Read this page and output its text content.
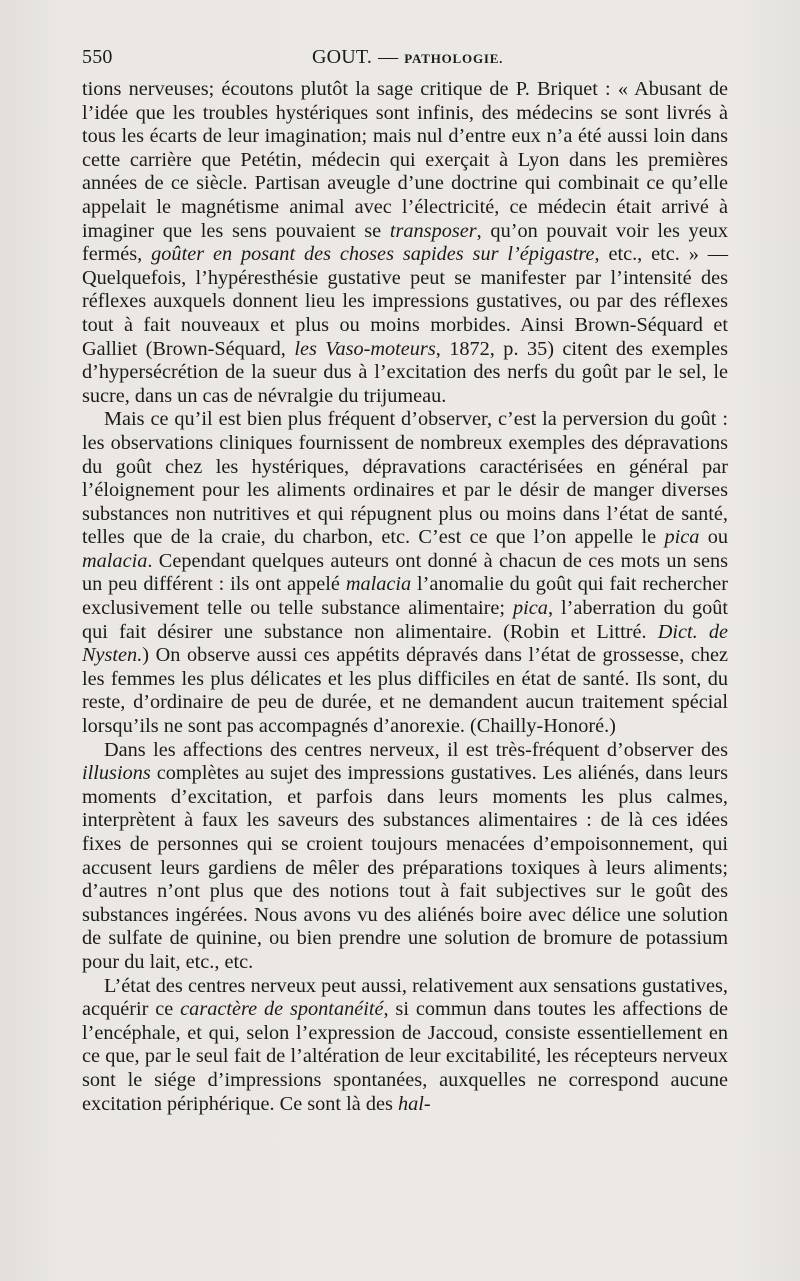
550	GOUT. — PATHOLOGIE.

tions nerveuses; écoutons plutôt la sage critique de P. Briquet : « Abusant de l’idée que les troubles hystériques sont infinis, des médecins se sont livrés à tous les écarts de leur imagination; mais nul d’entre eux n’a été aussi loin dans cette carrière que Petétin, médecin qui exerçait à Lyon dans les premières années de ce siècle. Partisan aveugle d’une doctrine qui combinait ce qu’elle appelait le magnétisme animal avec l’électricité, ce médecin était arrivé à imaginer que les sens pouvaient se transposer, qu’on pouvait voir les yeux fermés, goûter en posant des choses sapides sur l’épigastre, etc., etc. » — Quelquefois, l’hypéresthésie gustative peut se manifester par l’intensité des réflexes auxquels donnent lieu les impressions gustatives, ou par des réflexes tout à fait nouveaux et plus ou moins morbides. Ainsi Brown-Séquard et Galliet (Brown-Séquard, les Vaso-moteurs, 1872, p. 35) citent des exemples d’hypersécrétion de la sueur dus à l’excitation des nerfs du goût par le sel, le sucre, dans un cas de névralgie du trijumeau.

Mais ce qu’il est bien plus fréquent d’observer, c’est la perversion du goût : les observations cliniques fournissent de nombreux exemples des dépravations du goût chez les hystériques, dépravations caractérisées en général par l’éloignement pour les aliments ordinaires et par le désir de manger diverses substances non nutritives et qui répugnent plus ou moins dans l’état de santé, telles que de la craie, du charbon, etc. C’est ce que l’on appelle le pica ou malacia. Cependant quelques auteurs ont donné à chacun de ces mots un sens un peu différent : ils ont appelé malacia l’anomalie du goût qui fait rechercher exclusivement telle ou telle substance alimentaire; pica, l’aberration du goût qui fait désirer une substance non alimentaire. (Robin et Littré. Dict. de Nysten.) On observe aussi ces appétits dépravés dans l’état de grossesse, chez les femmes les plus délicates et les plus difficiles en état de santé. Ils sont, du reste, d’ordinaire de peu de durée, et ne demandent aucun traitement spécial lorsqu’ils ne sont pas accompagnés d’anorexie. (Chailly-Honoré.)

Dans les affections des centres nerveux, il est très-fréquent d’observer des illusions complètes au sujet des impressions gustatives. Les aliénés, dans leurs moments d’excitation, et parfois dans leurs moments les plus calmes, interprètent à faux les saveurs des substances alimentaires : de là ces idées fixes de personnes qui se croient toujours menacées d’empoisonnement, qui accusent leurs gardiens de mêler des préparations toxiques à leurs aliments; d’autres n’ont plus que des notions tout à fait subjectives sur le goût des substances ingérées. Nous avons vu des aliénés boire avec délice une solution de sulfate de quinine, ou bien prendre une solution de bromure de potassium pour du lait, etc., etc.

L’état des centres nerveux peut aussi, relativement aux sensations gustatives, acquérir ce caractère de spontanéité, si commun dans toutes les affections de l’encéphale, et qui, selon l’expression de Jaccoud, consiste essentiellement en ce que, par le seul fait de l’altération de leur excitabilité, les récepteurs nerveux sont le siége d’impressions spontanées, auxquelles ne correspond aucune excitation périphérique. Ce sont là des hal-
